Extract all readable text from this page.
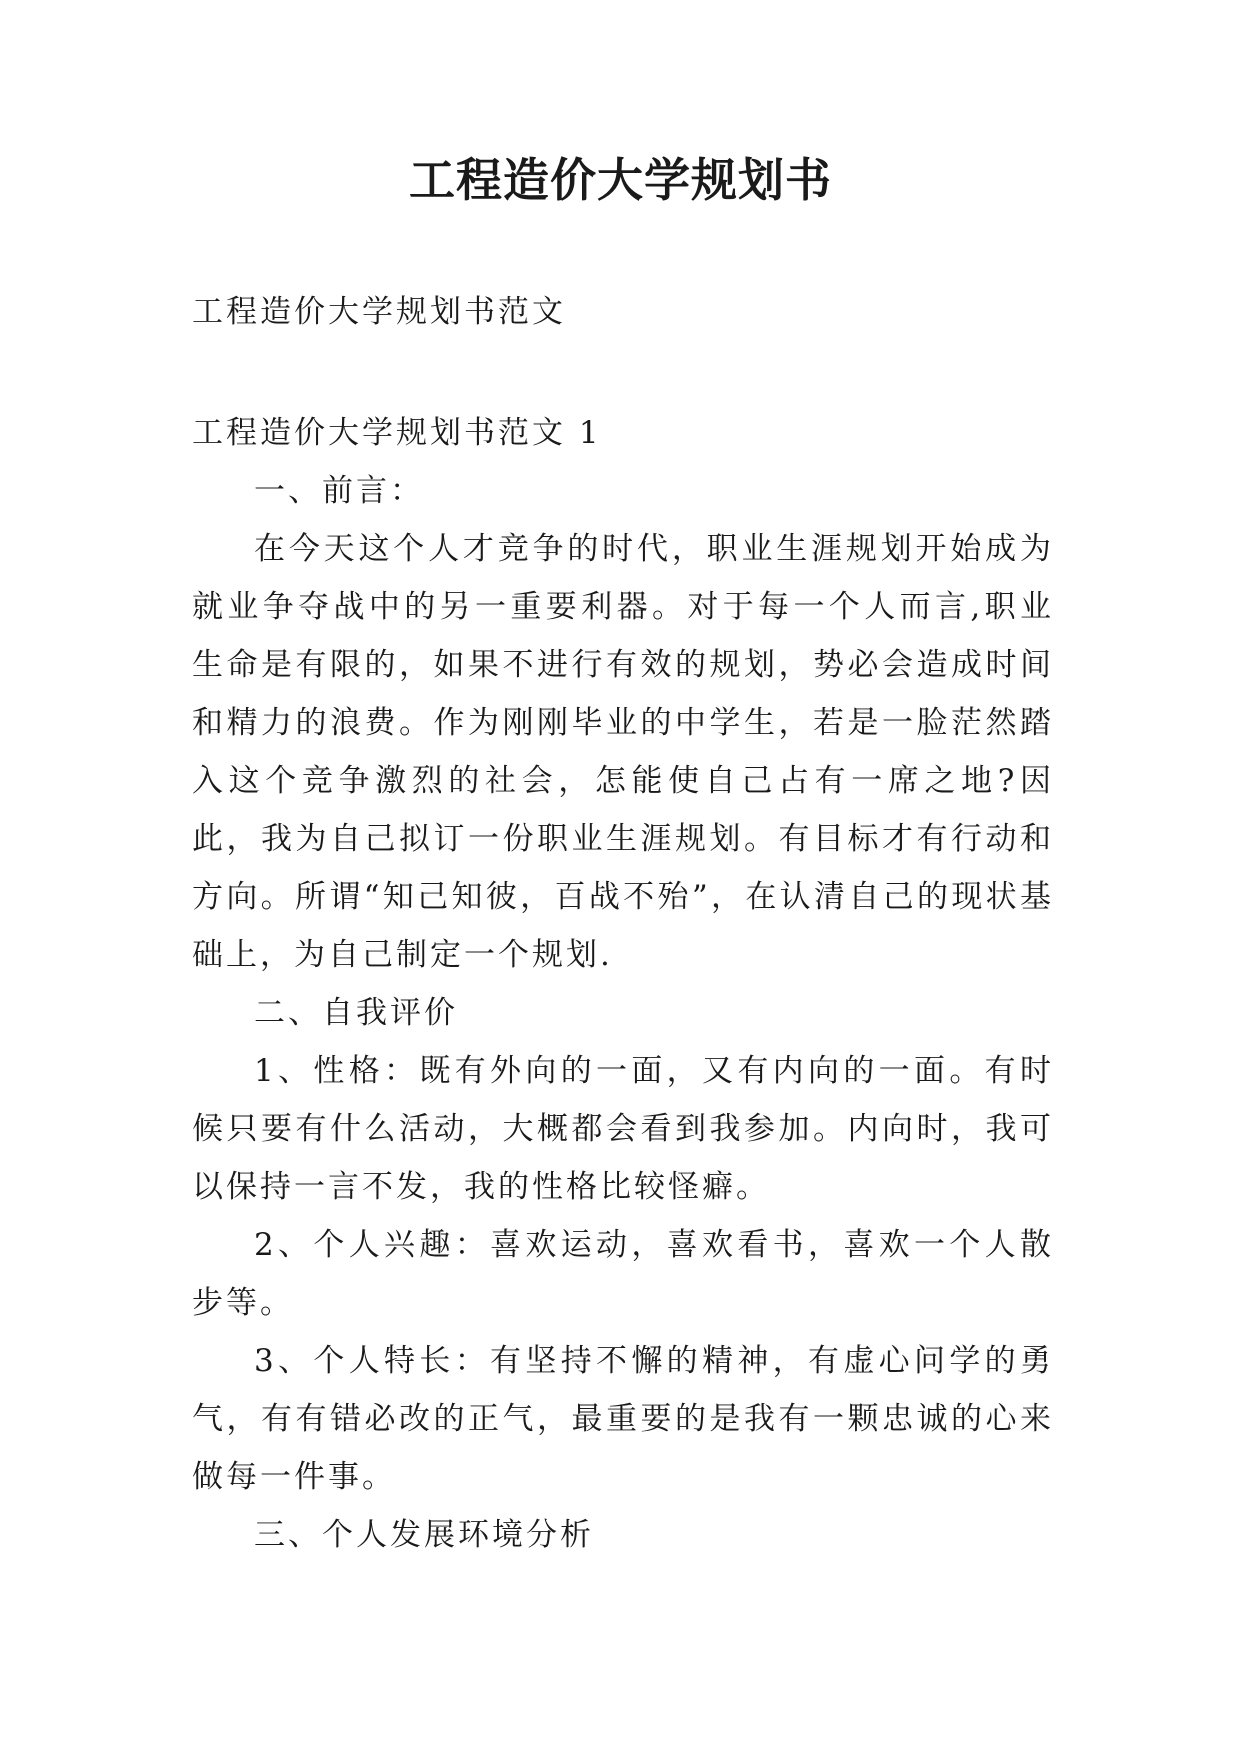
工程造价大学规划书
工程造价大学规划书范文

工程造价大学规划书范文 1

一、前言：

在今天这个人才竞争的时代，职业生涯规划开始成为就业争夺战中的另一重要利器。对于每一个人而言,职业生命是有限的，如果不进行有效的规划，势必会造成时间和精力的浪费。作为刚刚毕业的中学生，若是一脸茫然踏入这个竞争激烈的社会，怎能使自己占有一席之地?因此，我为自己拟订一份职业生涯规划。有目标才有行动和方向。所谓“知己知彼，百战不殆”，在认清自己的现状基础上，为自己制定一个规划.

二、自我评价

1、性格：既有外向的一面，又有内向的一面。有时候只要有什么活动，大概都会看到我参加。内向时，我可以保持一言不发，我的性格比较怪癖。

2、个人兴趣：喜欢运动，喜欢看书，喜欢一个人散步等。

3、个人特长：有坚持不懈的精神，有虚心问学的勇气，有有错必改的正气，最重要的是我有一颗忠诚的心来做每一件事。

三、个人发展环境分析
